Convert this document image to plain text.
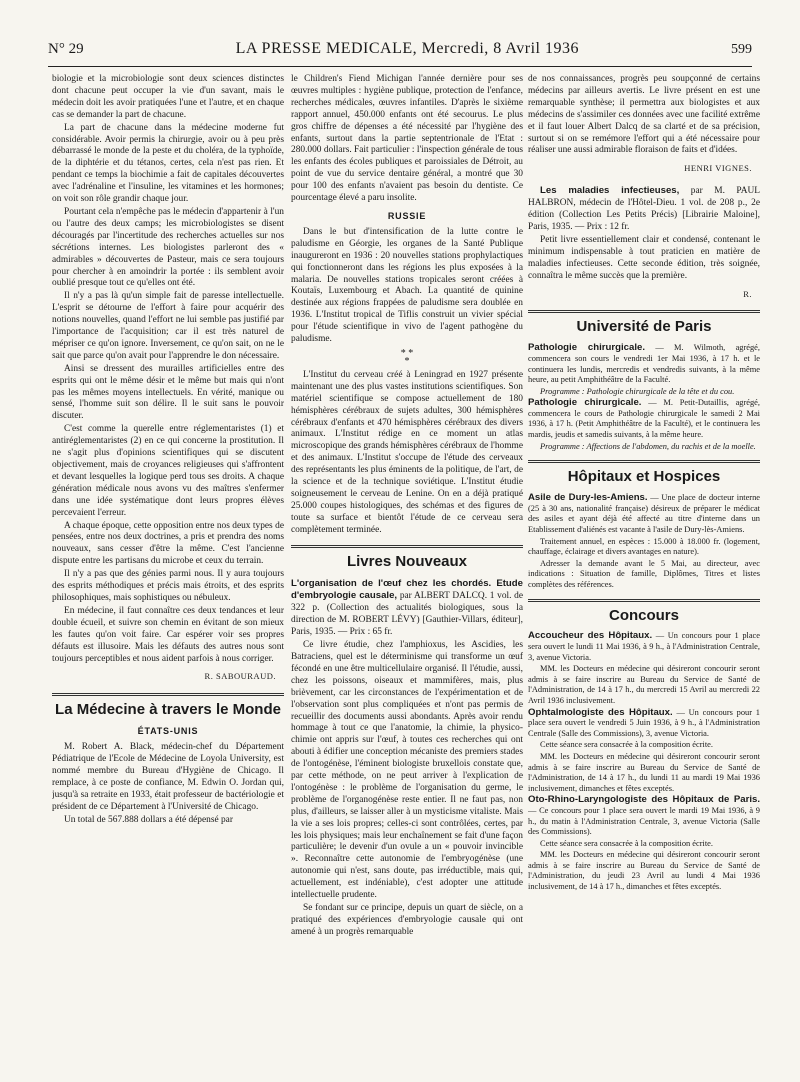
N° 29	LA PRESSE MEDICALE, Mercredi, 8 Avril 1936	599

biologie et la microbiologie sont deux sciences distinctes dont chacune peut occuper la vie d'un savant, mais le médecin doit les avoir pratiquées l'une et l'autre, et en chaque cas se demander la part de chacune.

La part de chacune dans la médecine moderne fut considérable. Avoir permis la chirurgie, avoir ou à peu près débarrassé le monde de la peste et du choléra, de la typhoïde, de la diphtérie et du tétanos, certes, cela n'est pas rien. Et pendant ce temps la biochimie a fait de capitales découvertes avec l'adrénaline et l'insuline, les vitamines et les hormones; on voit son rôle grandir chaque jour.

Pourtant cela n'empêche pas le médecin d'appartenir à l'un ou l'autre des deux camps; les microbiologistes se disent découragés par l'incertitude des recherches actuelles sur nos sécrétions internes. Les biologistes parleront des « admirables » découvertes de Pasteur, mais ce sera toujours pour chercher à en amoindrir la portée : ils semblent avoir oublié presque tout ce qu'elles ont été.

Il n'y a pas là qu'un simple fait de paresse intellectuelle. L'esprit se détourne de l'effort à faire pour acquérir des notions nouvelles, quand l'effort ne lui semble pas justifié par l'importance de l'acquisition; car il est très naturel de mépriser ce qu'on ignore. Inversement, ce qu'on sait, on ne le sait que parce qu'on avait pour l'apprendre le don nécessaire.

Ainsi se dressent des murailles artificielles entre des esprits qui ont le même désir et le même but mais qui n'ont pas les mêmes moyens intellectuels. En vérité, manique ou sensé, l'homme suit son délire. Il le suit sans le pouvoir discuter.

C'est comme la querelle entre réglementaristes (1) et antiréglementaristes (2) en ce qui concerne la prostitution. Il ne s'agit plus d'opinions scientifiques qui se discutent objectivement, mais de croyances religieuses qui s'affrontent et devant lesquelles la logique perd tous ses droits. A chaque génération médicale nous avons vu des maîtres s'enfermer dans une idée systématique dont leurs propres élèves percevaient l'erreur.

A chaque époque, cette opposition entre nos deux types de pensées, entre nos deux doctrines, a pris et prendra des noms nouveaux, sans cesser d'être la même. C'est l'ancienne dispute entre les partisans du microbe et ceux du terrain.

Il n'y a pas que des génies parmi nous. Il y aura toujours des esprits méthodiques et précis mais étroits, et des esprits philosophiques, mais sophistiques ou nébuleux.

En médecine, il faut connaître ces deux tendances et leur double écueil, et suivre son chemin en évitant de son mieux les fautes qu'on voit faire. Car espérer voir ses propres défauts est illusoire. Mais les défauts des autres nous sont toujours perceptibles et nous aident parfois à nous corriger.

R. SABOURAUD.
La Médecine à travers le Monde
ÉTATS-UNIS

M. Robert A. Black, médecin-chef du Département Pédiatrique de l'Ecole de Médecine de Loyola University, est nommé membre du Bureau d'Hygiène de Chicago. Il remplace, à ce poste de confiance, M. Edwin O. Jordan qui, jusqu'à sa retraite en 1933, était professeur de bactériologie et président de ce Département à l'Université de Chicago.

Un total de 567.888 dollars a été dépensé par

le Children's Fiend Michigan l'année dernière pour ses œuvres multiples : hygiène publique, protection de l'enfance, recherches médicales, œuvres infantiles. D'après le sixième rapport annuel, 450.000 enfants ont été secourus. Le plus gros chiffre de dépenses a été nécessité par l'hygiène des enfants, surtout dans la partie septentrionale de l'Etat : 280.000 dollars. Fait particulier : l'inspection générale de tous les enfants des écoles publiques et paroissiales de Détroit, au point de vue du service dentaire général, a montré que 30 pour 100 des enfants n'avaient pas besoin du dentiste. Ce pourcentage élevé a paru insolite.

RUSSIE

Dans le but d'intensification de la lutte contre le paludisme en Géorgie, les organes de la Santé Publique inaugureront en 1936 : 20 nouvelles stations prophylactiques qui fonctionneront dans les régions les plus exposées à la malaria. De nouvelles stations tropicales seront créées à Koutaïs, Luxembourg et Abach. La quantité de quinine destinée aux régions frappées de paludisme sera doublée en 1936. L'Institut tropical de Tiflis construit un vivier spécial pour l'étude scientifique in vivo de l'agent pathogène du paludisme.

* *
*

L'Institut du cerveau créé à Leningrad en 1927 présente maintenant une des plus vastes institutions scientifiques. Son matériel scientifique se compose actuellement de 180 hémisphères cérébraux de sujets adultes, 300 hémisphères cérébraux d'enfants et 470 hémisphères cérébraux des divers animaux. L'Institut rédige en ce moment un atlas microscopique des grands hémisphères cérébraux de l'homme et des animaux. L'Institut s'occupe de l'étude des cerveaux des représentants les plus éminents de la politique, de l'art, de la science et de la technique soviétique. L'Institut étudie soigneusement le cerveau de Lenine. On en a déjà pratiqué 25.000 coupes histologiques, des schémas et des figures de toute sa surface et bientôt l'étude de ce cerveau sera complètement terminée.

Livres Nouveaux

L'organisation de l'œuf chez les chordés. Etude d'embryologie causale, par ALBERT DALCQ. 1 vol. de 322 p. (Collection des actualités biologiques, sous la direction de M. ROBERT LÉVY) [Gauthier-Villars, éditeur], Paris, 1935. — Prix : 65 fr.

Ce livre étudie, chez l'amphioxus, les Ascidies, les Batraciens, quel est le déterminisme qui transforme un œuf fécondé en une être multicellulaire organisé. Il l'étudie, aussi, chez les poissons, oiseaux et mammifères, mais, plus brièvement, car les circonstances de l'expérimentation et de l'observation sont plus compliquées et n'ont pas permis de recueillir des documents aussi abondants. Après avoir rendu hommage à tout ce que l'anatomie, la chimie, la physico-chimie ont appris sur l'œuf, à toutes ces recherches qui ont abouti à édifier une conception mécaniste des premiers stades de l'ontogénèse, l'éminent biologiste bruxellois constate que, par cette méthode, on ne peut arriver à l'explication de l'ontogénèse : le problème de l'organisation du germe, le problème de l'organogénèse reste entier. Il ne faut pas, non plus, d'ailleurs, se laisser aller à un mysticisme vitaliste. Mais la vie a ses lois propres; celles-ci sont contrôlées, certes, par les lois physiques; mais leur enchaînement se fait d'une façon particulière; le devenir d'un ovule a un « pouvoir invincible ». Reconnaître cette autonomie de l'embryogénèse (une autonomie qui n'est, sans doute, pas irréductible, mais qui, actuellement, est indéniable), c'est adopter une attitude intellectuelle prudente.

Se fondant sur ce principe, depuis un quart de siècle, on a pratiqué des expériences d'embryologie causale qui ont amené à un progrès remarquable

de nos connaissances, progrès peu soupçonné de certains médecins par ailleurs avertis. Le livre présent en est une remarquable synthèse; il permettra aux biologistes et aux médecins de s'assimiler ces données avec une facilité extrême et il faut louer Albert Dalcq de sa clarté et de sa précision, surtout si on se remémore l'effort qui a été nécessaire pour réaliser une aussi admirable floraison de faits et d'idées.

HENRI VIGNES.

Les maladies infectieuses, par M. PAUL HALBRON, médecin de l'Hôtel-Dieu. 1 vol. de 208 p., 2e édition (Collection Les Petits Précis) [Librairie Maloine], Paris, 1935. — Prix : 12 fr.

Petit livre essentiellement clair et condensé, contenant le minimum indispensable à tout praticien en matière de maladies infectieuses. Cette seconde édition, très soignée, connaîtra le même succès que la première.

R.
Université de Paris

Pathologie chirurgicale. — M. Wilmoth, agrégé, commencera son cours le vendredi 1er Mai 1936, à 17 h. et le continuera les lundis, mercredis et vendredis suivants, à la même heure, au petit Amphithéâtre de la Faculté.

Programme : Pathologie chirurgicale de la tête et du cou.

Pathologie chirurgicale. — M. Petit-Dutaillis, agrégé, commencera le cours de Pathologie chirurgicale le samedi 2 Mai 1936, à 17 h. (Petit Amphithéâtre de la Faculté), et le continuera les mardis, jeudis et samedis suivants, à la même heure.

Programme : Affections de l'abdomen, du rachis et de la moelle.

Hôpitaux et Hospices

Asile de Dury-les-Amiens. — Une place de docteur interne (25 à 30 ans, nationalité française) désireux de préparer le médicat des asiles et ayant déjà été affecté au titre d'interne dans un Etablissement d'aliénés est vacante à l'asile de Dury-lès-Amiens.

Traitement annuel, en espèces : 15.000 à 18.000 fr. (logement, chauffage, éclairage et divers avantages en nature).

Adresser la demande avant le 5 Mai, au directeur, avec indications : Situation de famille, Diplômes, Titres et listes complètes des références.

Concours

Accoucheur des Hôpitaux. — Un concours pour 1 place sera ouvert le lundi 11 Mai 1936, à 9 h., à l'Administration Centrale, 3, avenue Victoria.

MM. les Docteurs en médecine qui désireront concourir seront admis à se faire inscrire au Bureau du Service de Santé de l'Administration, de 14 à 17 h., du mercredi 15 Avril au mercredi 22 Avril 1936 inclusivement.

Ophtalmologiste des Hôpitaux. — Un concours pour 1 place sera ouvert le vendredi 5 Juin 1936, à 9 h., à l'Administration Centrale (Salle des Commissions), 3, avenue Victoria.

Cette séance sera consacrée à la composition écrite.

MM. les Docteurs en médecine qui désireront concourir seront admis à se faire inscrire au Bureau du Service de Santé de l'Administration, de 14 à 17 h., du lundi 11 au mardi 19 Mai 1936 inclusivement, dimanches et fêtes exceptés.

Oto-Rhino-Laryngologiste des Hôpitaux de Paris. — Ce concours pour 1 place sera ouvert le mardi 19 Mai 1936, à 9 h., du matin à l'Administration Centrale, 3, avenue Victoria (Salle des Commissions).

Cette séance sera consacrée à la composition écrite.

MM. les Docteurs en médecine qui désireront concourir seront admis à se faire inscrire au Bureau du Service de Santé de l'Administration, du jeudi 23 Avril au lundi 4 Mai 1936 inclusivement, de 14 à 17 h., dimanches et fêtes exceptés.
